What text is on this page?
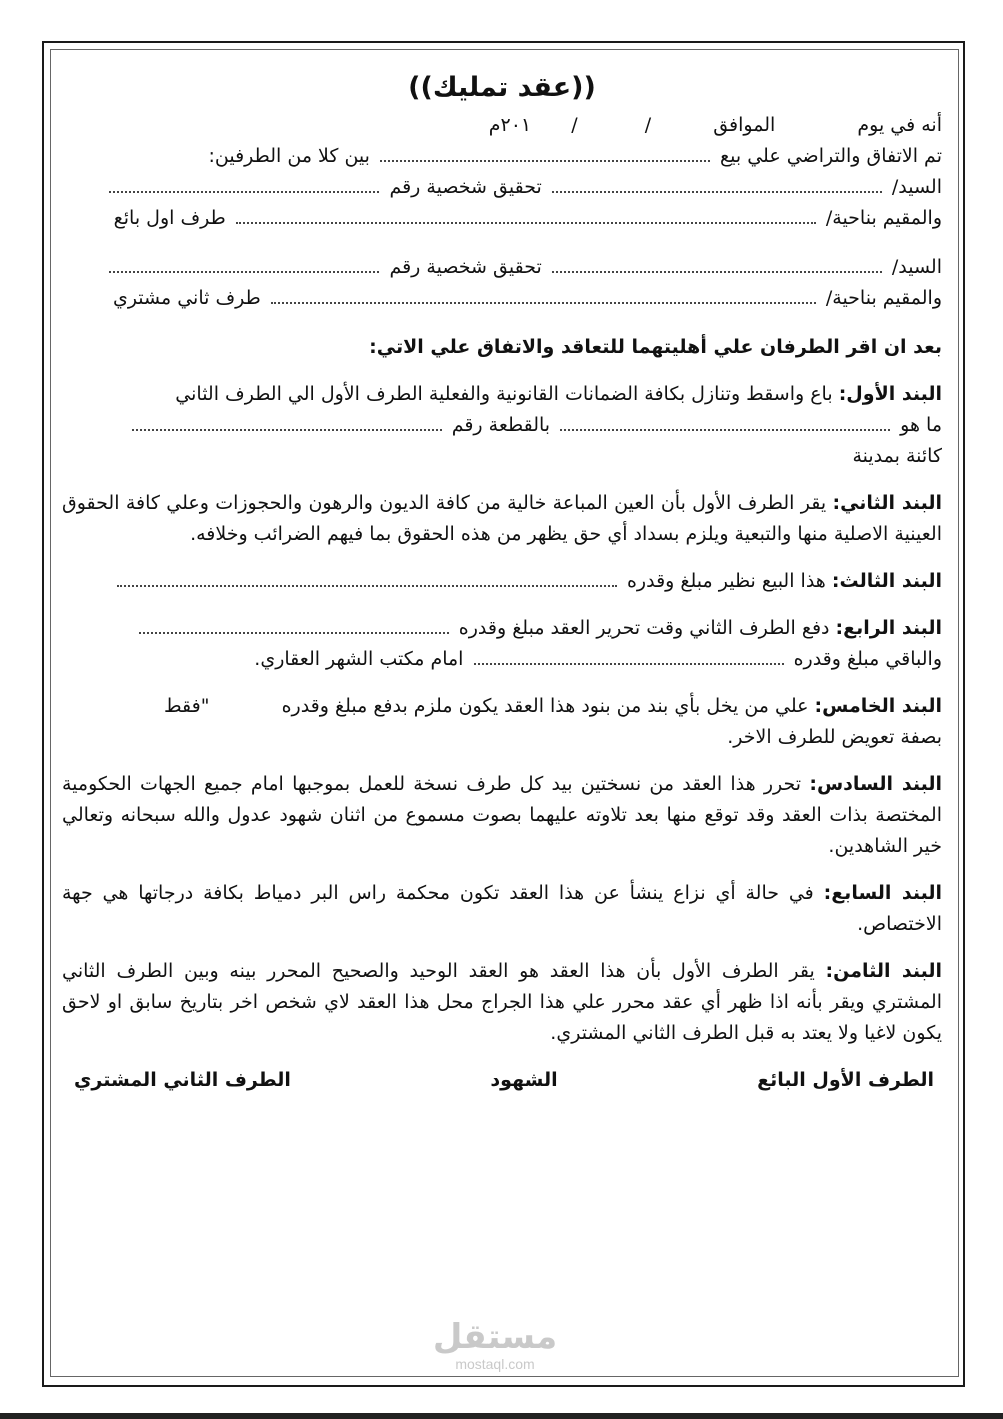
((عقد تمليك))
أنه في يوم  الموافق  /  /  ٢٠١م
تم الاتفاق والتراضي علي بيع  بين كلا من الطرفين:
السيد/  تحقيق شخصية رقم
والمقيم بناحية/  طرف اول بائع
السيد/  تحقيق شخصية رقم
والمقيم بناحية/  طرف ثاني مشتري
بعد ان اقر الطرفان علي أهليتهما للتعاقد والاتفاق علي الاتي:

البند الأول: باع واسقط وتنازل بكافة الضمانات القانونية والفعلية الطرف الأول الي الطرف الثاني

ما هو  بالقطعة رقم
كائنة بمدينة

البند الثاني: يقر الطرف الأول بأن العين المباعة خالية من كافة الديون والرهون والحجوزات وعلي كافة الحقوق العينية الاصلية منها والتبعية ويلزم بسداد أي حق يظهر من هذه الحقوق بما فيهم الضرائب وخلافه.

البند الثالث: هذا البيع نظير مبلغ وقدره
البند الرابع: دفع الطرف الثاني وقت تحرير العقد مبلغ وقدره
والباقي مبلغ وقدره  امام مكتب الشهر العقاري.
البند الخامس: علي من يخل بأي بند من بنود هذا العقد يكون ملزم بدفع مبلغ وقدره  "فقط
بصفة تعويض للطرف الاخر.

البند السادس: تحرر هذا العقد من نسختين بيد كل طرف نسخة للعمل بموجبها امام جميع الجهات الحكومية المختصة بذات العقد وقد توقع منها بعد تلاوته عليهما بصوت مسموع من اثنان شهود عدول والله سبحانه وتعالي خير الشاهدين.

البند السابع: في حالة أي نزاع ينشأ عن هذا العقد تكون محكمة راس البر دمياط بكافة درجاتها هي جهة الاختصاص.

البند الثامن: يقر الطرف الأول بأن هذا العقد هو العقد الوحيد والصحيح المحرر بينه وبين الطرف الثاني المشتري ويقر بأنه اذا ظهر أي عقد محرر علي هذا الجراج محل هذا العقد لاي شخص اخر بتاريخ سابق او لاحق يكون لاغيا ولا يعتد به قبل الطرف الثاني المشتري.

الطرف الأول البائع
الشهود
الطرف الثاني المشتري
مستقل
mostaql.com
